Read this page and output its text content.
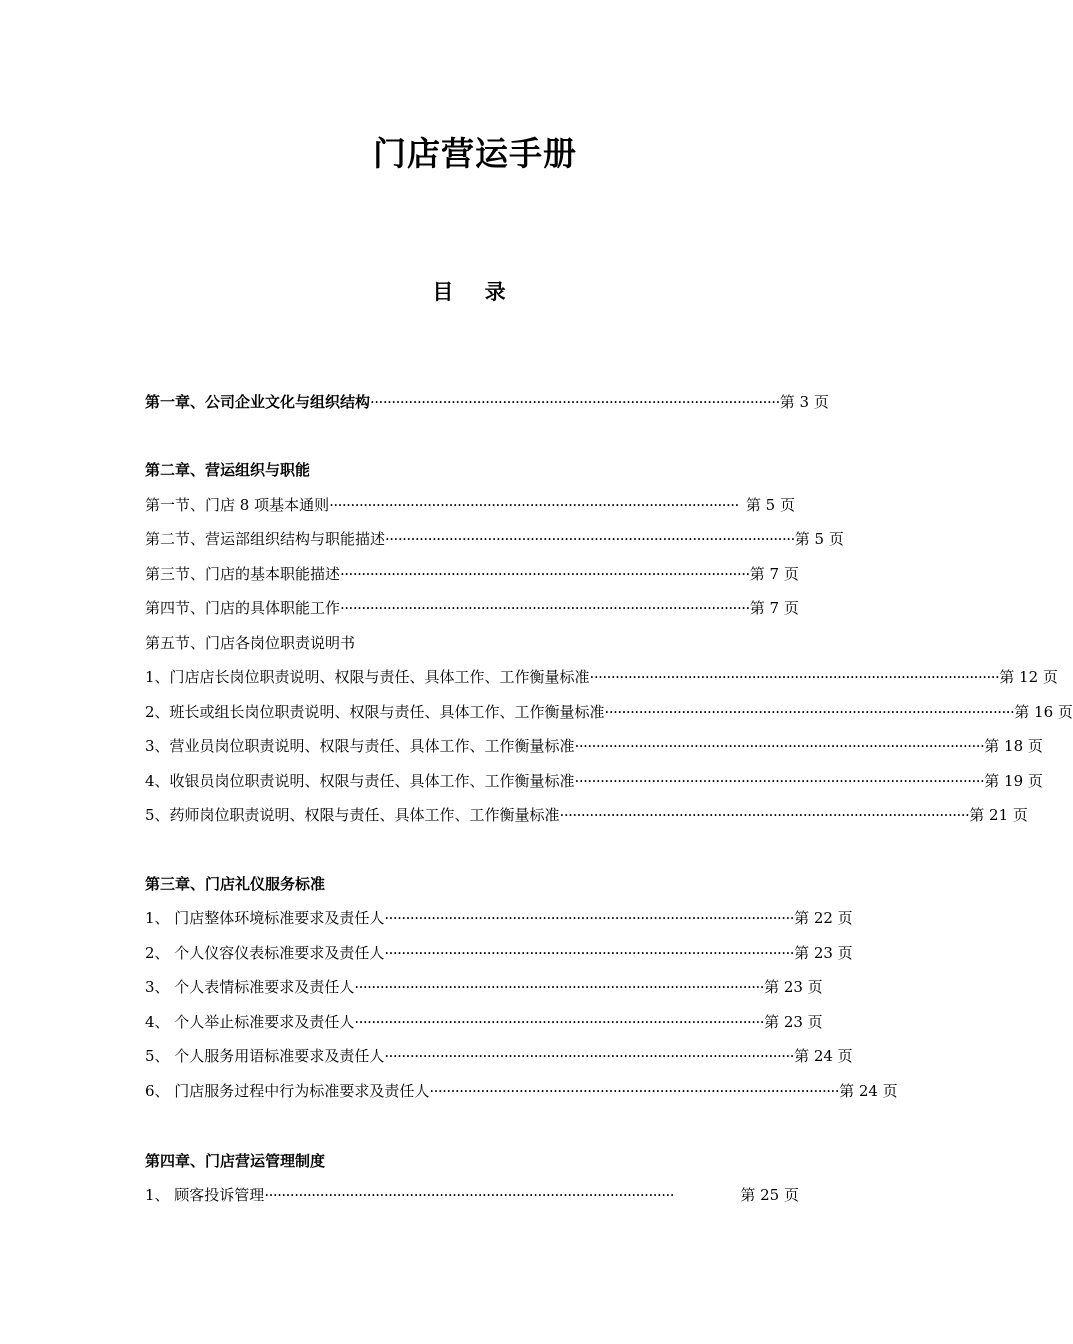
门店营运手册
目 录
第一章、公司企业文化与组织结构 ································································································ 第 3 页
第二章、营运组织与职能
第一节、门店 8 项基本通则 ································································································ 第 5 页
第二节、营运部组织结构与职能描述 ································································································ 第 5 页
第三节、门店的基本职能描述 ································································································ 第 7 页
第四节、门店的具体职能工作 ································································································ 第 7 页
第五节、门店各岗位职责说明书
1、门店店长岗位职责说明、权限与责任、具体工作、工作衡量标准 ································································································ 第 12 页
2、班长或组长岗位职责说明、权限与责任、具体工作、工作衡量标准 ································································································ 第 16 页
3、营业员岗位职责说明、权限与责任、具体工作、工作衡量标准 ································································································ 第 18 页
4、收银员岗位职责说明、权限与责任、具体工作、工作衡量标准 ································································································ 第 19 页
5、药师岗位职责说明、权限与责任、具体工作、工作衡量标准 ································································································ 第 21 页
第三章、门店礼仪服务标准
1、 门店整体环境标准要求及责任人 ································································································ 第 22 页
2、 个人仪容仪表标准要求及责任人 ································································································ 第 23 页
3、 个人表情标准要求及责任人 ································································································ 第 23 页
4、 个人举止标准要求及责任人 ································································································ 第 23 页
5、 个人服务用语标准要求及责任人 ································································································ 第 24 页
6、 门店服务过程中行为标准要求及责任人 ································································································ 第 24 页
第四章、门店营运管理制度
1、 顾客投诉管理 ································································································	第 25 页
